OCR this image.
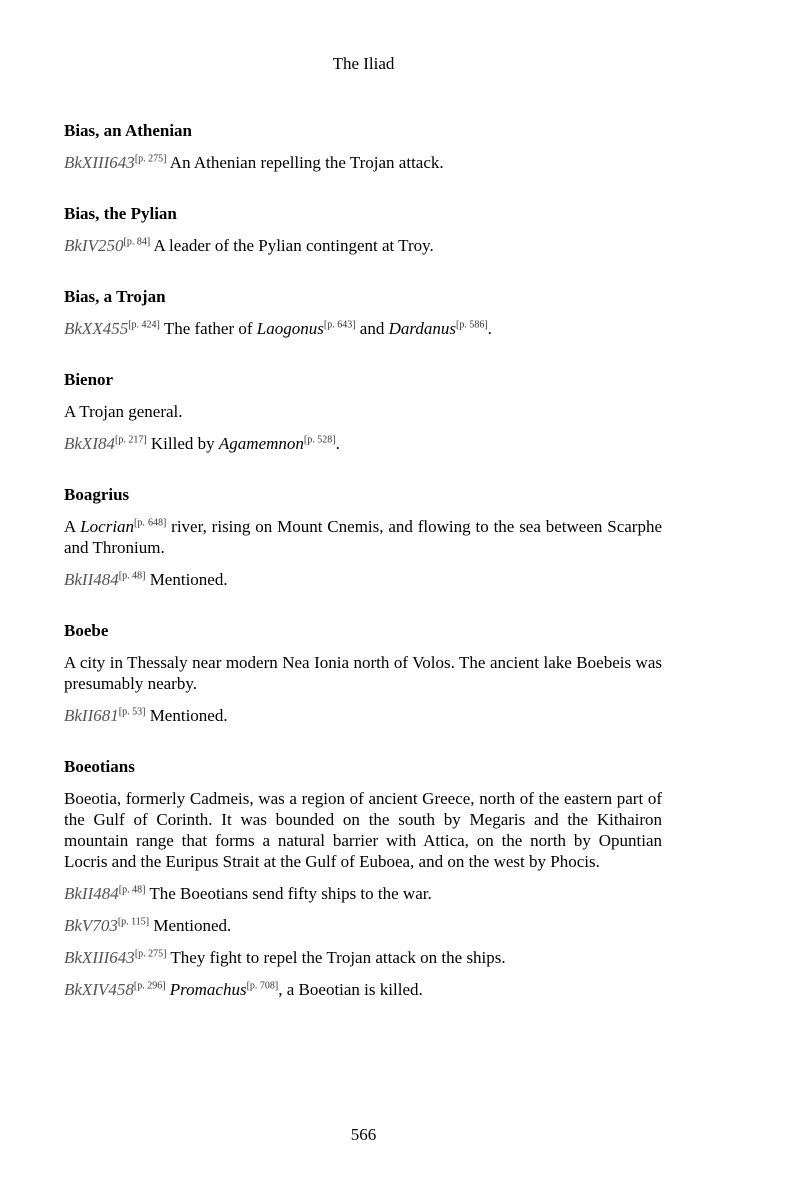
The Iliad
Bias, an Athenian
BkXIII643[p. 275] An Athenian repelling the Trojan attack.
Bias, the Pylian
BkIV250[p. 84] A leader of the Pylian contingent at Troy.
Bias, a Trojan
BkXX455[p. 424] The father of Laogonus[p. 643] and Dardanus[p. 586].
Bienor
A Trojan general.
BkXI84[p. 217] Killed by Agamemnon[p. 528].
Boagrius
A Locrian[p. 648] river, rising on Mount Cnemis, and flowing to the sea between Scarphe and Thronium.
BkII484[p. 48] Mentioned.
Boebe
A city in Thessaly near modern Nea Ionia north of Volos. The ancient lake Boebeis was presumably nearby.
BkII681[p. 53] Mentioned.
Boeotians
Boeotia, formerly Cadmeis, was a region of ancient Greece, north of the eastern part of the Gulf of Corinth. It was bounded on the south by Megaris and the Kithairon mountain range that forms a natural barrier with Attica, on the north by Opuntian Locris and the Euripus Strait at the Gulf of Euboea, and on the west by Phocis.
BkII484[p. 48] The Boeotians send fifty ships to the war.
BkV703[p. 115] Mentioned.
BkXIII643[p. 275] They fight to repel the Trojan attack on the ships.
BkXIV458[p. 296] Promachus[p. 708], a Boeotian is killed.
566
